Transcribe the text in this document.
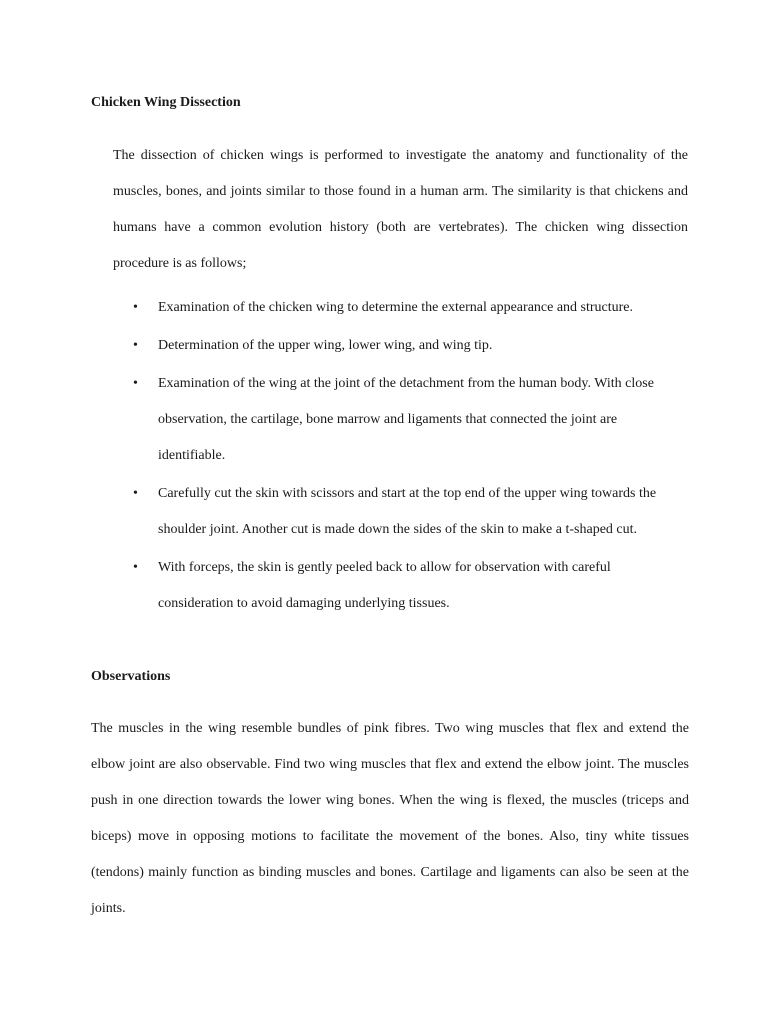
Chicken Wing Dissection

The dissection of chicken wings is performed to investigate the anatomy and functionality of the muscles, bones, and joints similar to those found in a human arm. The similarity is that chickens and humans have a common evolution history (both are vertebrates). The chicken wing dissection procedure is as follows;

• Examination of the chicken wing to determine the external appearance and structure.
• Determination of the upper wing, lower wing, and wing tip.
• Examination of the wing at the joint of the detachment from the human body. With close observation, the cartilage, bone marrow and ligaments that connected the joint are identifiable.
• Carefully cut the skin with scissors and start at the top end of the upper wing towards the shoulder joint. Another cut is made down the sides of the skin to make a t-shaped cut.
• With forceps, the skin is gently peeled back to allow for observation with careful consideration to avoid damaging underlying tissues.
Observations

The muscles in the wing resemble bundles of pink fibres. Two wing muscles that flex and extend the elbow joint are also observable. Find two wing muscles that flex and extend the elbow joint. The muscles push in one direction towards the lower wing bones. When the wing is flexed, the muscles (triceps and biceps) move in opposing motions to facilitate the movement of the bones. Also, tiny white tissues (tendons) mainly function as binding muscles and bones. Cartilage and ligaments can also be seen at the joints.
